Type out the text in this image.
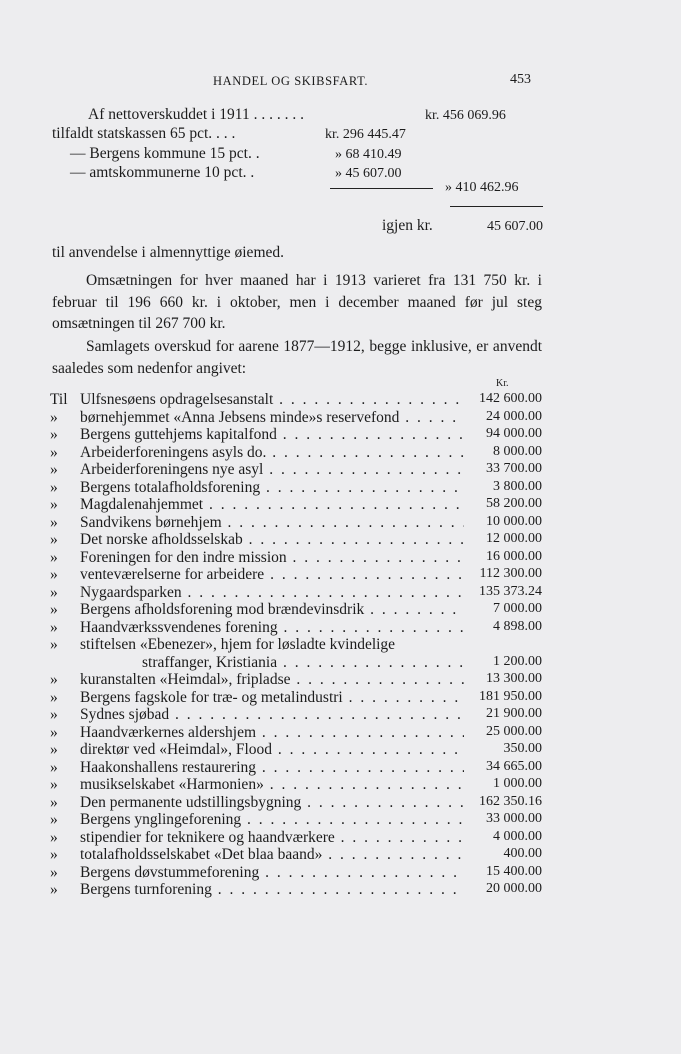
HANDEL OG SKIBSFART.	453
Af nettoverskuddet i 1911 . . . . . . .	kr. 456 069.96
tilfaldt statskassen 65 pct. . . .	kr. 296 445.47
— Bergens kommune 15 pct. .	» 68 410.49
— amtskommunerne 10 pct. .	» 45 607.00
» 410 462.96
igjen kr.	45 607.00
til anvendelse i almennyttige øiemed.
Omsætningen for hver maaned har i 1913 varieret fra 131 750 kr. i februar til 196 660 kr. i oktober, men i december maaned før jul steg omsætningen til 267 700 kr.
Samlagets overskud for aarene 1877—1912, begge inklusive, er anvendt saaledes som nedenfor angivet:
Kr.
Til Ulfsnesøens opdragelsesanstalt . . .	142 600.00
»	børnehjemmet «Anna Jebsens minde»s reservefond . . .	24 000.00
»	Bergens guttehjems kapitalfond . . .	94 000.00
»	Arbeiderforeningens asyls do. . . .	8 000.00
»	Arbeiderforeningens nye asyl . . .	33 700.00
»	Bergens totalafholdsforening . . .	3 800.00
»	Magdalenahjemmet . . .	58 200.00
»	Sandvikens børnehjem . . .	10 000.00
»	Det norske afholdsselskab . . .	12 000.00
»	Foreningen for den indre mission . . .	16 000.00
»	venteværelserne for arbeidere . . .	112 300.00
»	Nygaardsparken . . .	135 373.24
»	Bergens afholdsforening mod brændevinsdrik . . .	7 000.00
»	Haandværkssvendenes forening . . .	4 898.00
»	stiftelsen «Ebenezer», hjem for løsladte kvindelige
straffanger, Kristiania . . .	1 200.00
»	kuranstalten «Heimdal», fripladse . . .	13 300.00
»	Bergens fagskole for træ- og metalindustri . . .	181 950.00
»	Sydnes sjøbad . . .	21 900.00
»	Haandværkernes aldershjem . . .	25 000.00
»	direktør ved «Heimdal», Flood . . .	350.00
»	Haakonshallens restaurering . . .	34 665.00
»	musikselskabet «Harmonien» . . .	1 000.00
»	Den permanente udstillingsbygning . . .	162 350.16
»	Bergens ynglingeforening . . .	33 000.00
»	stipendier for teknikere og haandværkere . . .	4 000.00
»	totalafholdsselskabet «Det blaa baand» . . .	400.00
»	Bergens døvstummeforening . . .	15 400.00
»	Bergens turnforening . . .	20 000.00
